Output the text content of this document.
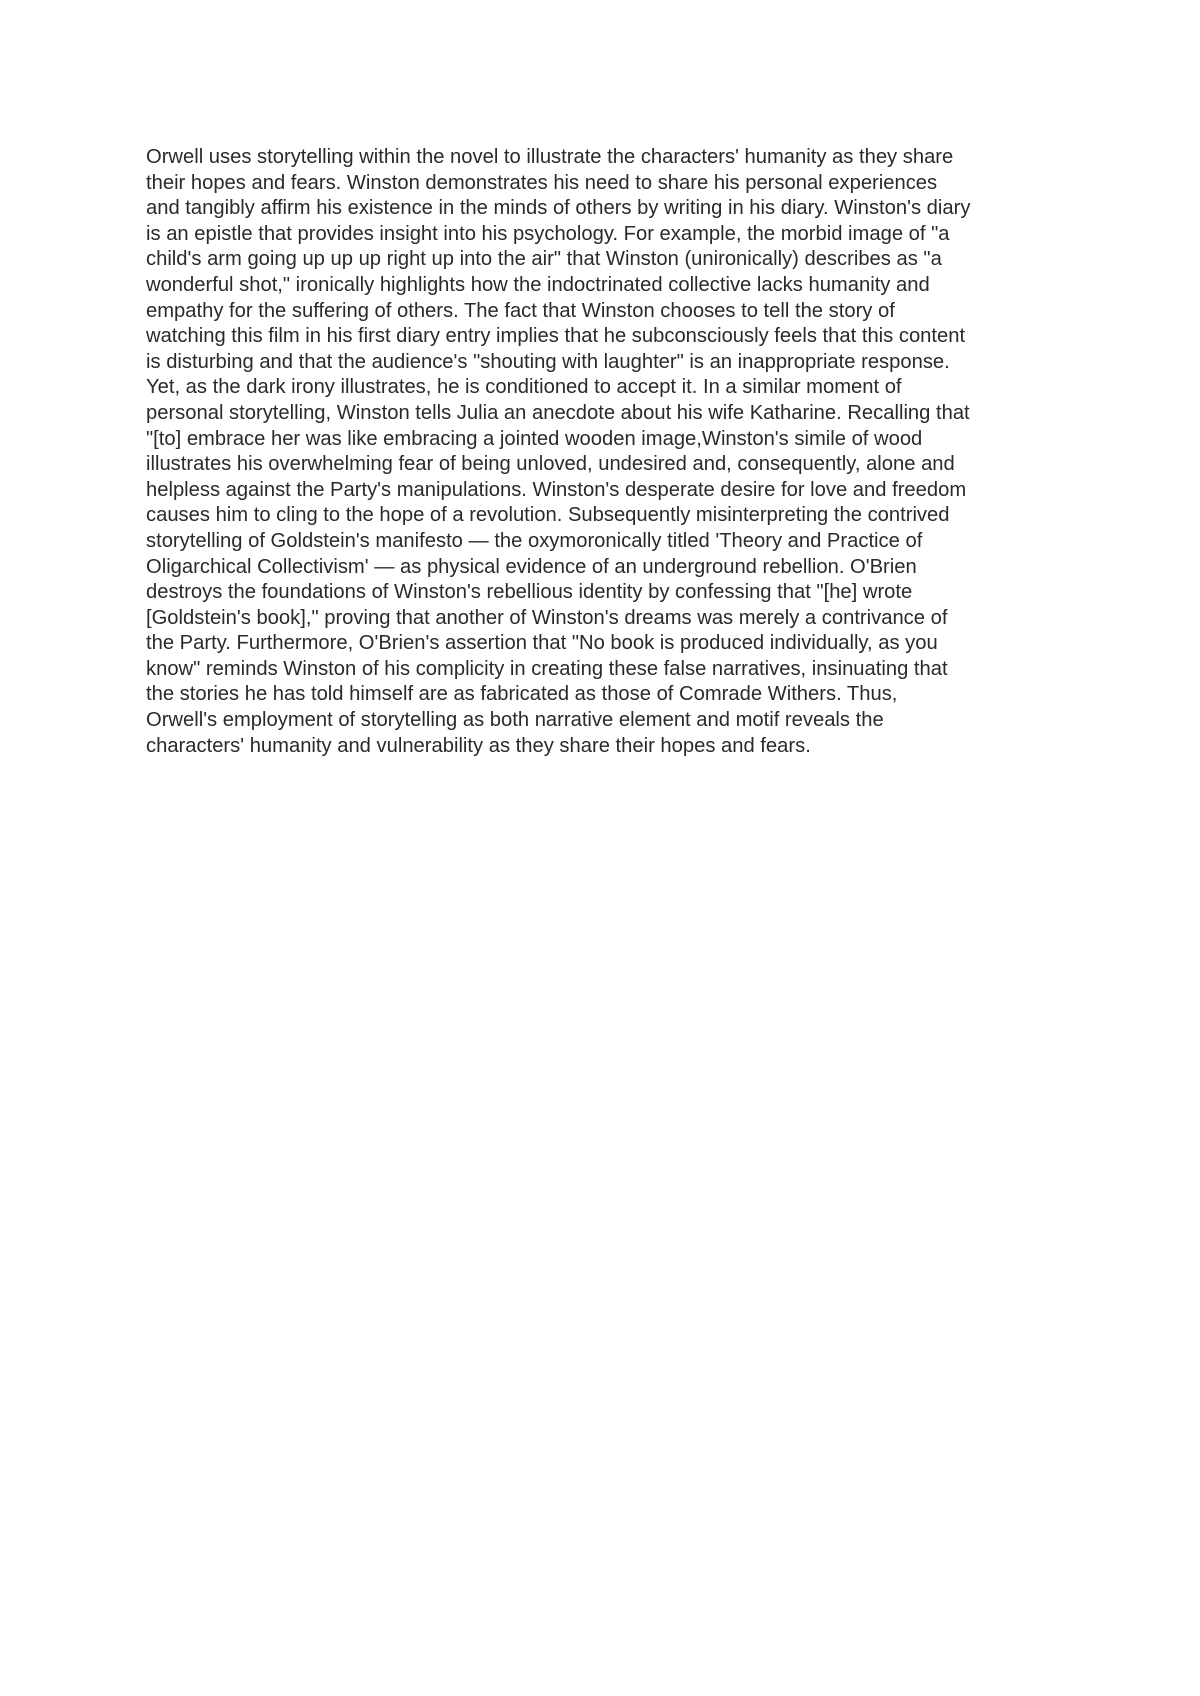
Orwell uses storytelling within the novel to illustrate the characters' humanity as they share
their hopes and fears. Winston demonstrates his need to share his personal experiences
and tangibly affirm his existence in the minds of others by writing in his diary. Winston's diary
is an epistle that provides insight into his psychology. For example, the morbid image of "a
child's arm going up up up right up into the air" that Winston (unironically) describes as "a
wonderful shot," ironically highlights how the indoctrinated collective lacks humanity and
empathy for the suffering of others. The fact that Winston chooses to tell the story of
watching this film in his first diary entry implies that he subconsciously feels that this content
is disturbing and that the audience's "shouting with laughter" is an inappropriate response.
Yet, as the dark irony illustrates, he is conditioned to accept it. In a similar moment of
personal storytelling, Winston tells Julia an anecdote about his wife Katharine. Recalling that
"[to] embrace her was like embracing a jointed wooden image,Winston's simile of wood
illustrates his overwhelming fear of being unloved, undesired and, consequently, alone and
helpless against the Party's manipulations. Winston's desperate desire for love and freedom
causes him to cling to the hope of a revolution. Subsequently misinterpreting the contrived
storytelling of Goldstein's manifesto — the oxymoronically titled 'Theory and Practice of
Oligarchical Collectivism' — as physical evidence of an underground rebellion. O'Brien
destroys the foundations of Winston's rebellious identity by confessing that "[he] wrote
[Goldstein's book]," proving that another of Winston's dreams was merely a contrivance of
the Party. Furthermore, O'Brien's assertion that "No book is produced individually, as you
know" reminds Winston of his complicity in creating these false narratives, insinuating that
the stories he has told himself are as fabricated as those of Comrade Withers. Thus,
Orwell's employment of storytelling as both narrative element and motif reveals the
characters' humanity and vulnerability as they share their hopes and fears.
